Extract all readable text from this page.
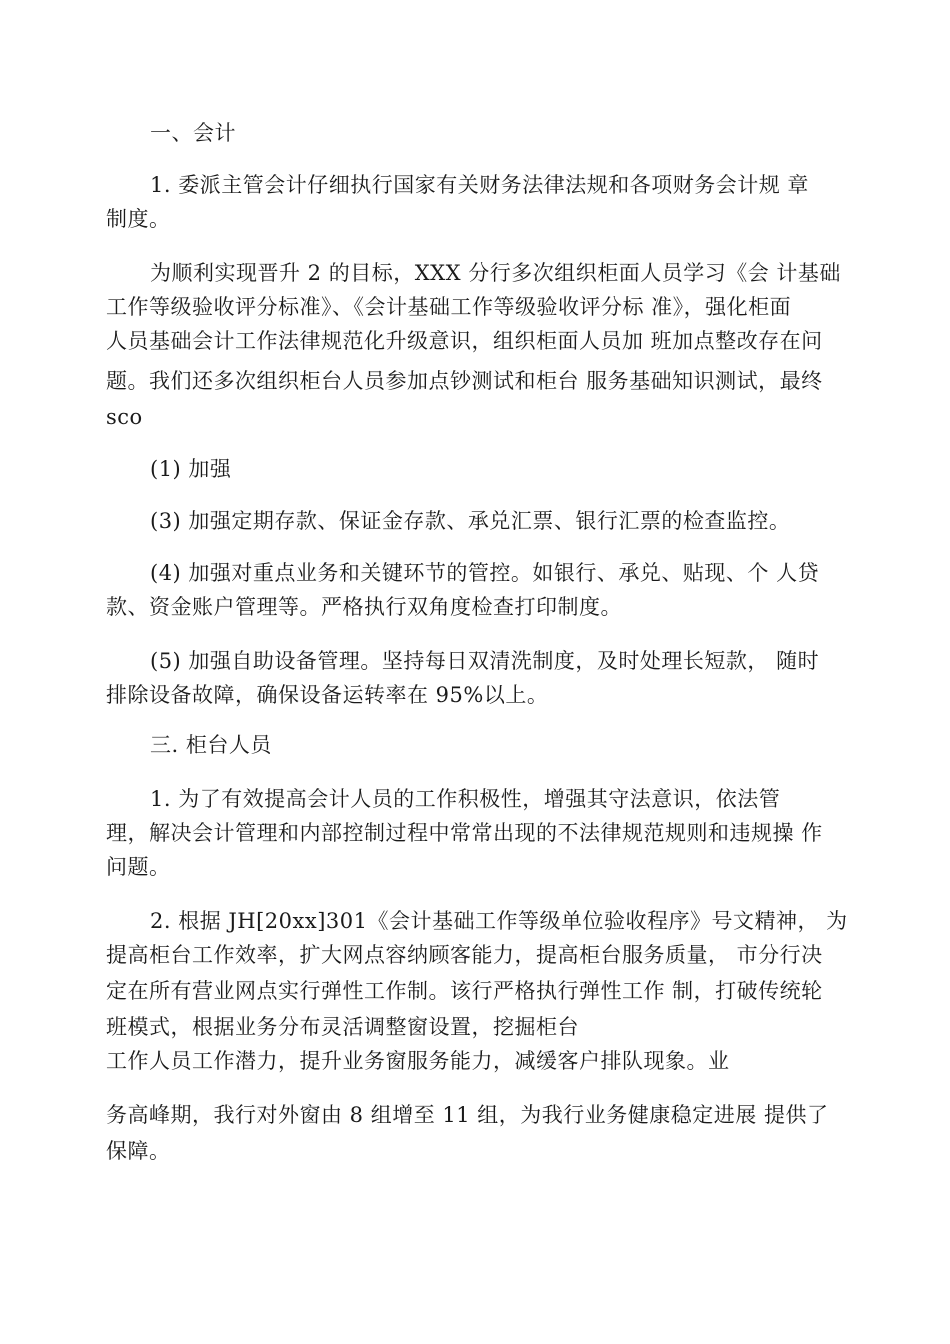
一、会计
1. 委派主管会计仔细执行国家有关财务法律法规和各项财务会计规 章
制度。
为顺利实现晋升 2 的目标，XXX 分行多次组织柜面人员学习《会 计基础
工作等级验收评分标准》、《会计基础工作等级验收评分标 准》，强化柜面
人员基础会计工作法律规范化升级意识，组织柜面人员加 班加点整改存在问
题。我们还多次组织柜台人员参加点钞测试和柜台 服务基础知识测试，最终
sco
(1) 加强
(3) 加强定期存款、保证金存款、承兑汇票、银行汇票的检查监控。
(4) 加强对重点业务和关键环节的管控。如银行、承兑、贴现、个 人贷
款、资金账户管理等。严格执行双角度检查打印制度。
(5) 加强自助设备管理。坚持每日双清洗制度，及时处理长短款， 随时
排除设备故障，确保设备运转率在 95%以上。
三. 柜台人员
1. 为了有效提高会计人员的工作积极性，增强其守法意识，依法管
理，解决会计管理和内部控制过程中常常出现的不法律规范规则和违规操 作
问题。
2. 根据 JH[20xx]301《会计基础工作等级单位验收程序》号文精神， 为
提高柜台工作效率，扩大网点容纳顾客能力，提高柜台服务质量， 市分行决
定在所有营业网点实行弹性工作制。该行严格执行弹性工作 制，打破传统轮
班模式，根据业务分布灵活调整窗设置，挖掘柜台
工作人员工作潜力，提升业务窗服务能力，减缓客户排队现象。业
务高峰期，我行对外窗由 8 组增至 11 组，为我行业务健康稳定进展 提供了
保障。
